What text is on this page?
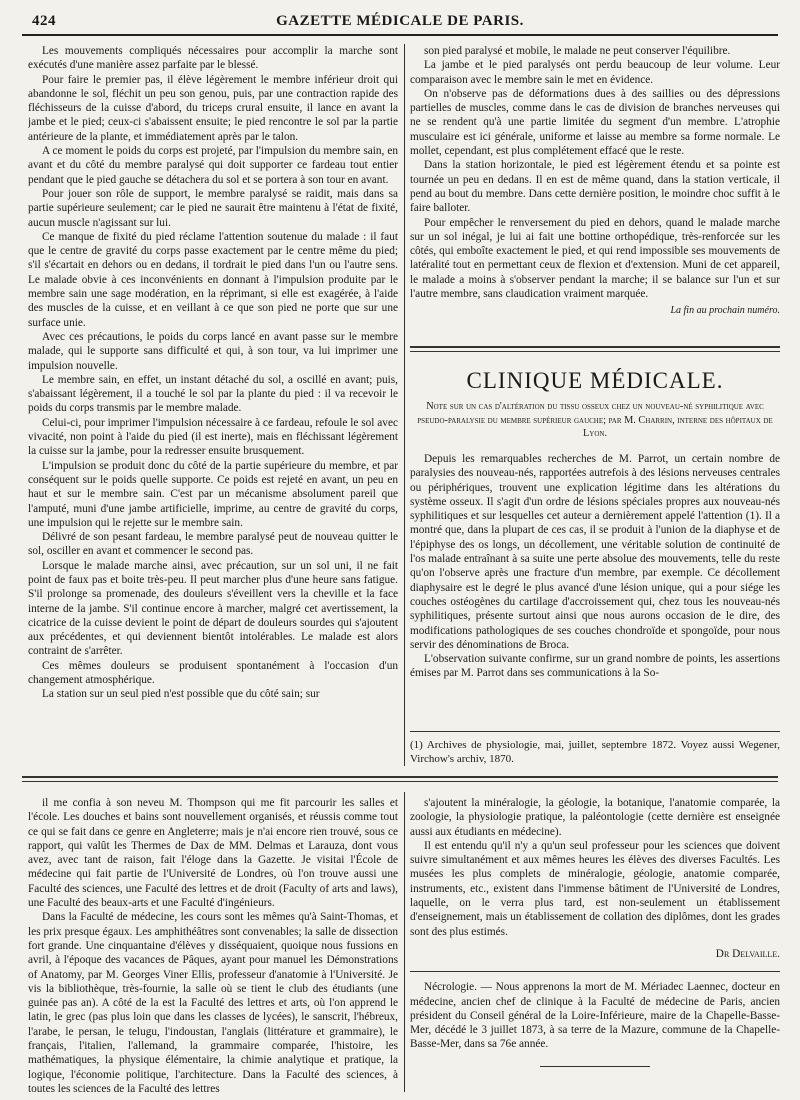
424	GAZETTE MÉDICALE DE PARIS.

Les mouvements compliqués nécessaires pour accomplir la marche sont exécutés d'une manière assez parfaite par le blessé.

Pour faire le premier pas, il élève légèrement le membre inférieur droit qui abandonne le sol, fléchit un peu son genou, puis, par une contraction rapide des fléchisseurs de la cuisse d'abord, du triceps crural ensuite, il lance en avant la jambe et le pied; ceux-ci s'abaissent ensuite; le pied rencontre le sol par la partie antérieure de la plante, et immédiatement après par le talon.

A ce moment le poids du corps est projeté, par l'impulsion du membre sain, en avant et du côté du membre paralysé qui doit supporter ce fardeau tout entier pendant que le pied gauche se détachera du sol et se portera à son tour en avant.

Pour jouer son rôle de support, le membre paralysé se raidit, mais dans sa partie supérieure seulement; car le pied ne saurait être maintenu à l'état de fixité, aucun muscle n'agissant sur lui.

Ce manque de fixité du pied réclame l'attention soutenue du malade : il faut que le centre de gravité du corps passe exactement par le centre même du pied; s'il s'écartait en dehors ou en dedans, il tordrait le pied dans l'un ou l'autre sens. Le malade obvie à ces inconvénients en donnant à l'impulsion produite par le membre sain une sage modération, en la réprimant, si elle est exagérée, à l'aide des muscles de la cuisse, et en veillant à ce que son pied ne porte que sur une surface unie.

Avec ces précautions, le poids du corps lancé en avant passe sur le membre malade, qui le supporte sans difficulté et qui, à son tour, va lui imprimer une impulsion nouvelle.

Le membre sain, en effet, un instant détaché du sol, a oscillé en avant; puis, s'abaissant légèrement, il a touché le sol par la plante du pied : il va recevoir le poids du corps transmis par le membre malade.

Celui-ci, pour imprimer l'impulsion nécessaire à ce fardeau, refoule le sol avec vivacité, non point à l'aide du pied (il est inerte), mais en fléchissant légèrement la cuisse sur la jambe, pour la redresser ensuite brusquement.

L'impulsion se produit donc du côté de la partie supérieure du membre, et par conséquent sur le poids quelle supporte. Ce poids est rejeté en avant, un peu en haut et sur le membre sain. C'est par un mécanisme absolument pareil que l'amputé, muni d'une jambe artificielle, imprime, au centre de gravité du corps, une impulsion qui le rejette sur le membre sain.

Délivré de son pesant fardeau, le membre paralysé peut de nouveau quitter le sol, osciller en avant et commencer le second pas.

Lorsque le malade marche ainsi, avec précaution, sur un sol uni, il ne fait point de faux pas et boite très-peu. Il peut marcher plus d'une heure sans fatigue. S'il prolonge sa promenade, des douleurs s'éveillent vers la cheville et la face interne de la jambe. S'il continue encore à marcher, malgré cet avertissement, la cicatrice de la cuisse devient le point de départ de douleurs sourdes qui s'ajoutent aux précédentes, et qui deviennent bientôt intolérables. Le malade est alors contraint de s'arrêter.

Ces mêmes douleurs se produisent spontanément à l'occasion d'un changement atmosphérique.

La station sur un seul pied n'est possible que du côté sain; sur

son pied paralysé et mobile, le malade ne peut conserver l'équilibre.

La jambe et le pied paralysés ont perdu beaucoup de leur volume. Leur comparaison avec le membre sain le met en évidence.

On n'observe pas de déformations dues à des saillies ou des dépressions partielles de muscles, comme dans le cas de division de branches nerveuses qui ne se rendent qu'à une partie limitée du segment d'un membre. L'atrophie musculaire est ici générale, uniforme et laisse au membre sa forme normale. Le mollet, cependant, est plus complétement effacé que le reste.

Dans la station horizontale, le pied est légèrement étendu et sa pointe est tournée un peu en dedans. Il en est de même quand, dans la station verticale, il pend au bout du membre. Dans cette dernière position, le moindre choc suffit à le faire balloter.

Pour empêcher le renversement du pied en dehors, quand le malade marche sur un sol inégal, je lui ai fait une bottine orthopédique, très-renforcée sur les côtés, qui emboîte exactement le pied, et qui rend impossible ses mouvements de latéralité tout en permettant ceux de flexion et d'extension. Muni de cet appareil, le malade a moins à s'observer pendant la marche; il se balance sur l'un et sur l'autre membre, sans claudication vraiment marquée.

La fin au prochain numéro.
CLINIQUE MÉDICALE.
Note sur un cas d'altération du tissu osseux chez un nouveau-né syphilitique avec pseudo-paralysie du membre supérieur gauche; par M. Charrin, interne des hôpitaux de Lyon.

Depuis les remarquables recherches de M. Parrot, un certain nombre de paralysies des nouveau-nés, rapportées autrefois à des lésions nerveuses centrales ou périphériques, trouvent une explication légitime dans les altérations du système osseux. Il s'agit d'un ordre de lésions spéciales propres aux nouveau-nés syphilitiques et sur lesquelles cet auteur a dernièrement appelé l'attention (1). Il a montré que, dans la plupart de ces cas, il se produit à l'union de la diaphyse et de l'épiphyse des os longs, un décollement, une véritable solution de continuité de l'os malade entraînant à sa suite une perte absolue des mouvements, telle du reste qu'on l'observe après une fracture d'un membre, par exemple. Ce décollement diaphysaire est le degré le plus avancé d'une lésion unique, qui a pour siége les couches ostéogènes du cartilage d'accroissement qui, chez tous les nouveau-nés syphilitiques, présente surtout ainsi que nous aurons occasion de le dire, des modifications pathologiques de ses couches chondroïde et spongoïde, pour nous servir des dénominations de Broca.

L'observation suivante confirme, sur un grand nombre de points, les assertions émises par M. Parrot dans ses communications à la So-

(1) Archives de physiologie, mai, juillet, septembre 1872. Voyez aussi Wegener, Virchow's archiv, 1870.

il me confia à son neveu M. Thompson qui me fit parcourir les salles et l'école. Les douches et bains sont nouvellement organisés, et réussis comme tout ce qui se fait dans ce genre en Angleterre; mais je n'ai encore rien trouvé, sous ce rapport, qui valût les Thermes de Dax de MM. Delmas et Larauza, dont vous avez, avec tant de raison, fait l'éloge dans la Gazette. Je visitai l'École de médecine qui fait partie de l'Université de Londres, où l'on trouve aussi une Faculté des sciences, une Faculté des lettres et de droit (Faculty of arts and laws), une Faculté des beaux-arts et une Faculté d'ingénieurs.

Dans la Faculté de médecine, les cours sont les mêmes qu'à Saint-Thomas, et les prix presque égaux. Les amphithéâtres sont convenables; la salle de dissection fort grande. Une cinquantaine d'élèves y disséquaient, quoique nous fussions en avril, à l'époque des vacances de Pâques, ayant pour manuel les Démonstrations of Anatomy, par M. Georges Viner Ellis, professeur d'anatomie à l'Université. Je vis la bibliothèque, très-fournie, la salle où se tient le club des étudiants (une guinée pas an). A côté de la est la Faculté des lettres et arts, où l'on apprend le latin, le grec (pas plus loin que dans les classes de lycées), le sanscrit, l'hébreux, l'arabe, le persan, le telugu, l'indoustan, l'anglais (littérature et grammaire), le français, l'italien, l'allemand, la grammaire comparée, l'histoire, les mathématiques, la physique élémentaire, la chimie analytique et pratique, la logique, l'économie politique, l'architecture. Dans la Faculté des sciences, à toutes les sciences de la Faculté des lettres

s'ajoutent la minéralogie, la géologie, la botanique, l'anatomie comparée, la zoologie, la physiologie pratique, la paléontologie (cette dernière est enseignée aussi aux étudiants en médecine).

Il est entendu qu'il n'y a qu'un seul professeur pour les sciences que doivent suivre simultanément et aux mêmes heures les élèves des diverses Facultés. Les musées les plus complets de minéralogie, géologie, anatomie comparée, instruments, etc., existent dans l'immense bâtiment de l'Université de Londres, laquelle, on le verra plus tard, est non-seulement un établissement d'enseignement, mais un établissement de collation des diplômes, dont les grades sont des plus estimés.

Dr Delvaille.

Nécrologie. — Nous apprenons la mort de M. Mériadec Laennec, docteur en médecine, ancien chef de clinique à la Faculté de médecine de Paris, ancien président du Conseil général de la Loire-Inférieure, maire de la Chapelle-Basse-Mer, décédé le 3 juillet 1873, à sa terre de la Mazure, commune de la Chapelle-Basse-Mer, dans sa 76e année.
